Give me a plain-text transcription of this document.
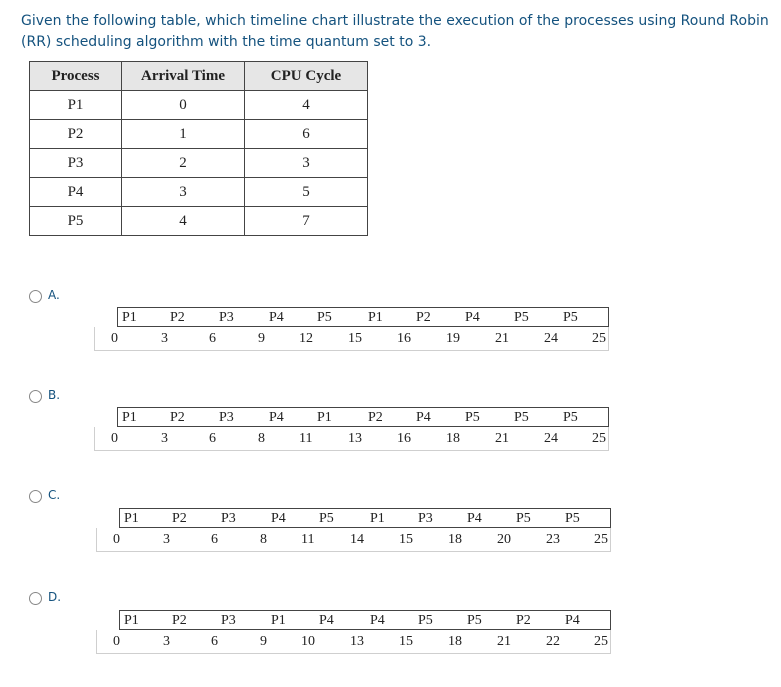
Given the following table, which timeline chart illustrate the execution of the processes using Round Robin (RR) scheduling algorithm with the time quantum set to 3.
Process	Arrival Time	CPU Cycle
P1	0	4
P2	1	6
P3	2	3
P4	3	5
P5	4	7
A.
P1 P2 P3	P4 P5	P1 P2 P4 P5 P5
0	3	6	9 12	15	16	19	21	24 25
B.
P1 P2 P3	P4 P1	P2 P4 P5 P5 P5
0	3	6	8 11	13	16	18	21	24 25
C.
P1 P2 P3	P4 P5	P1 P3 P4 P5 P5
0	3	6	8 11	14	15	18	20	23 25
D.
P1 P2 P3	P1 P4	P4 P5 P5 P2 P4
0	3	6	9 10	13	15	18	21	22 25
